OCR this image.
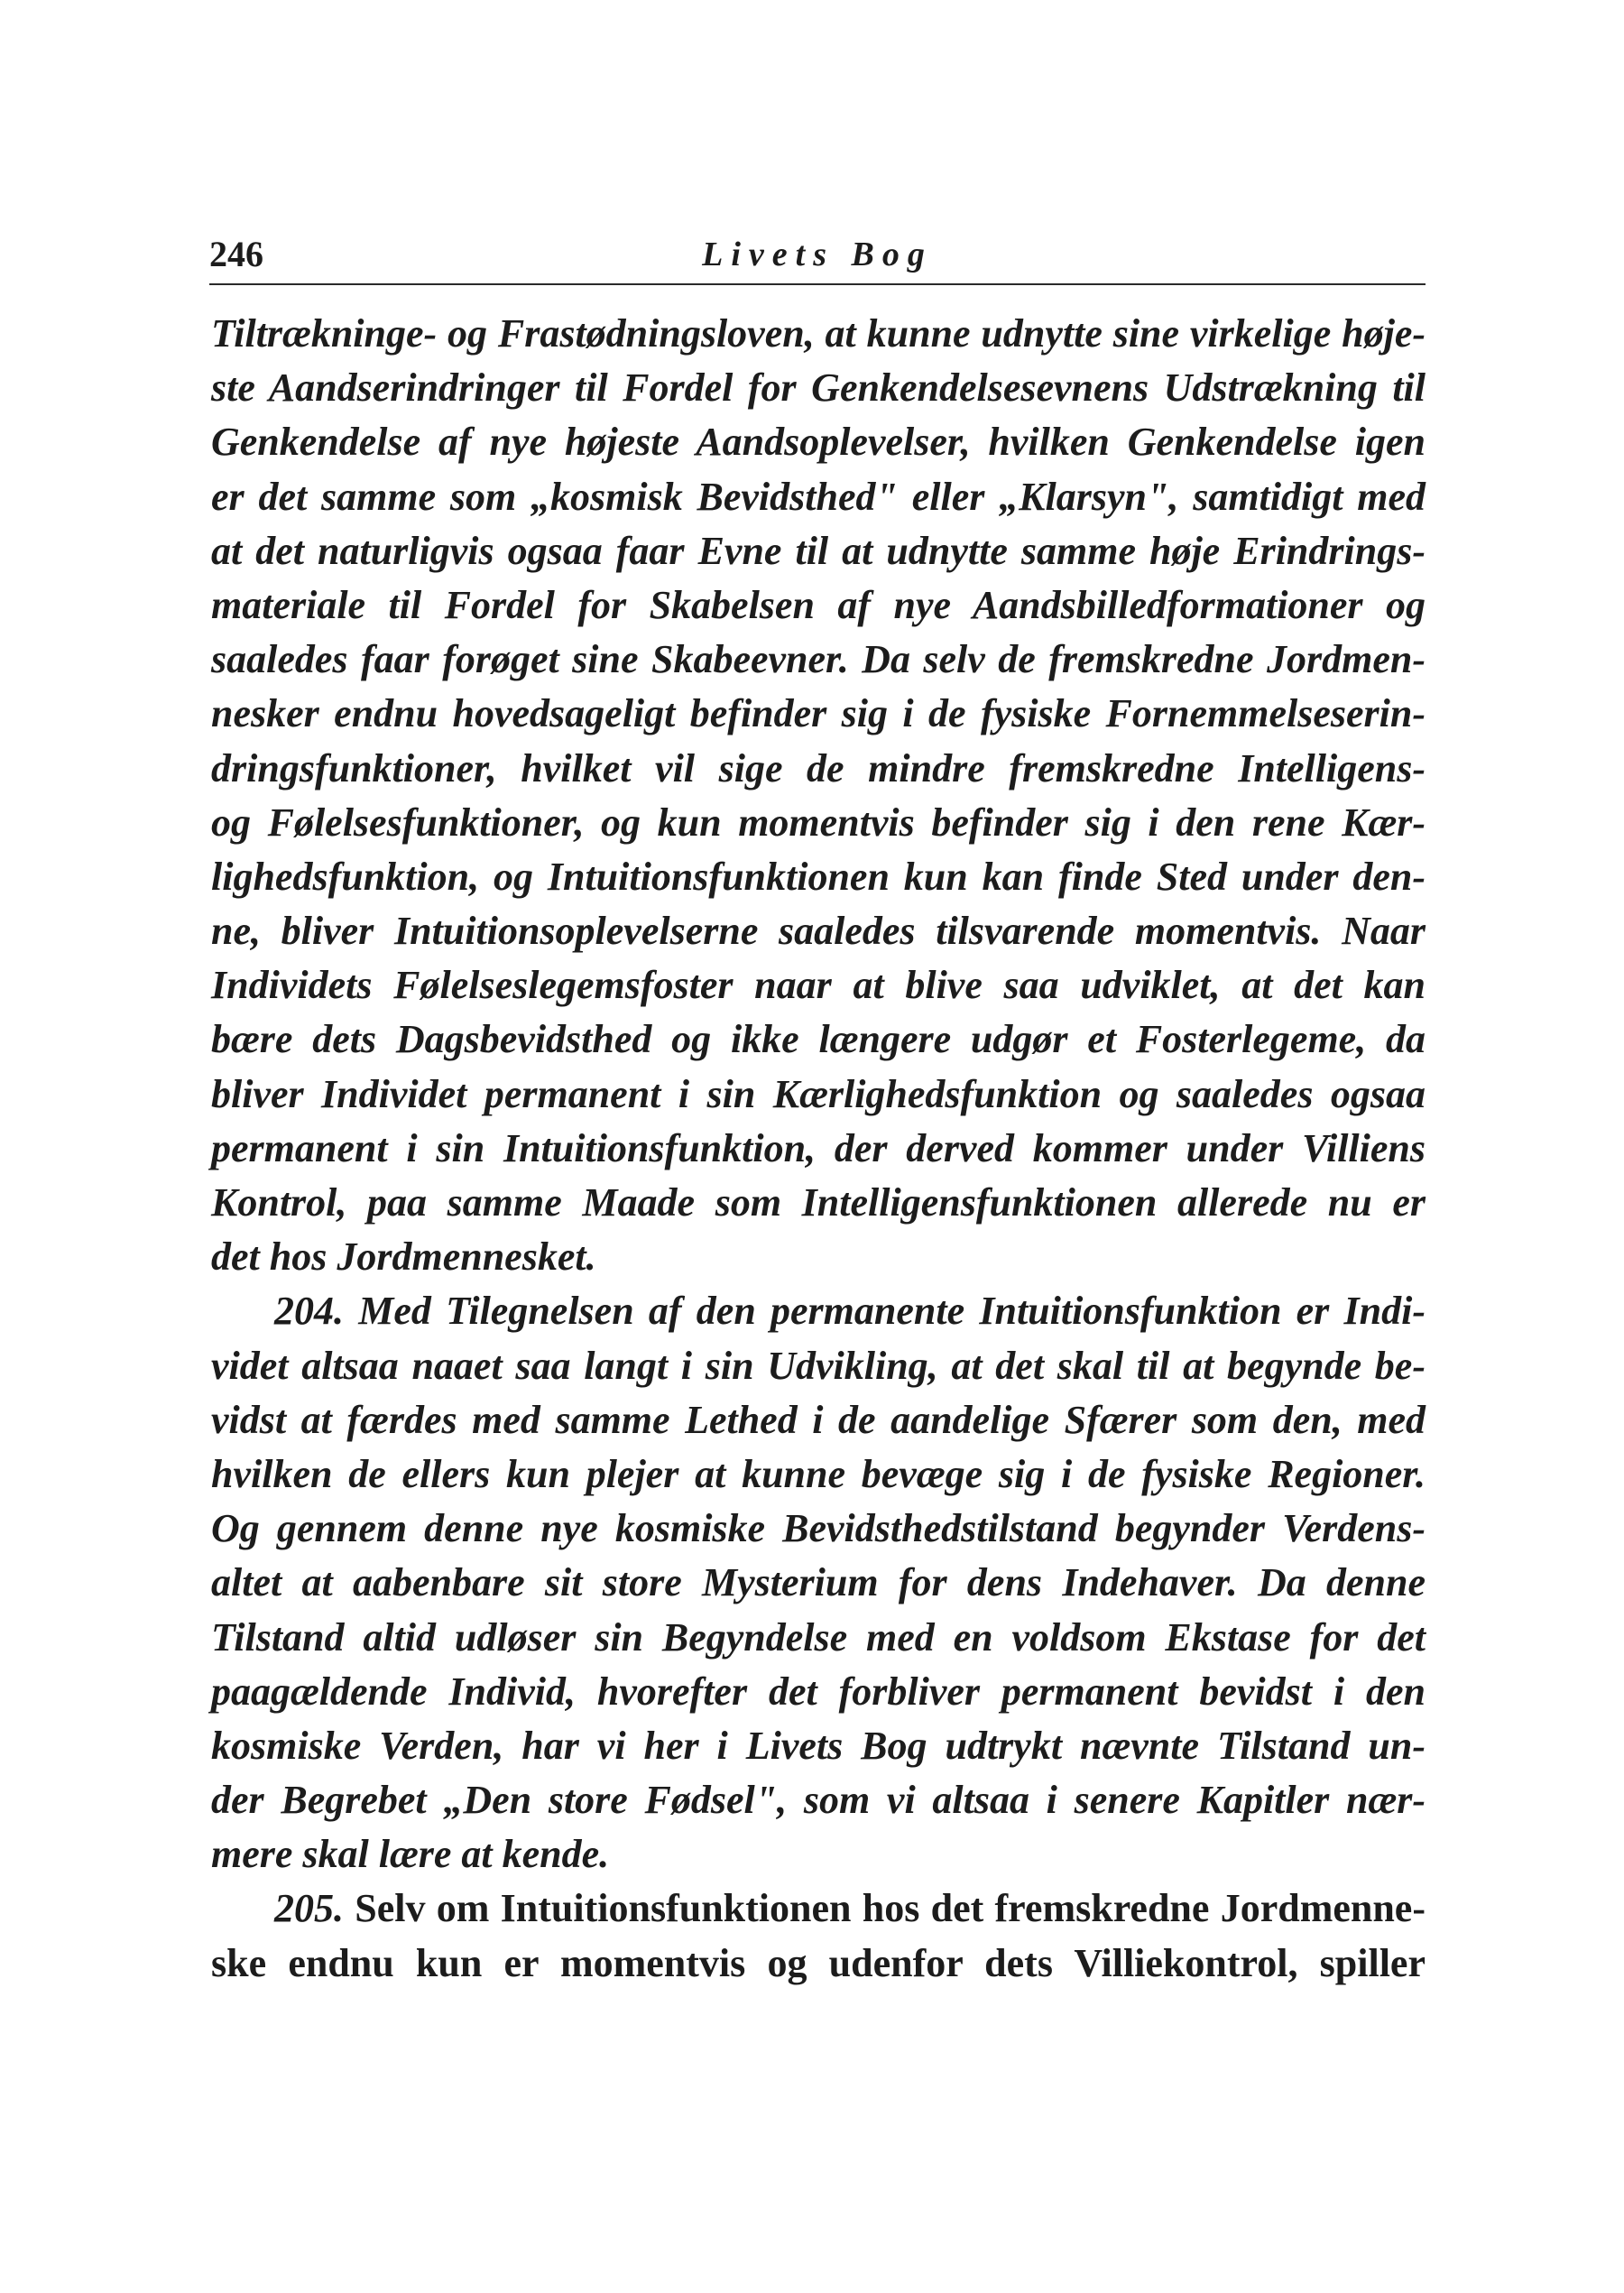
246	Livets Bog
Tiltrækninge- og Frastødningsloven, at kunne udnytte sine virkelige høje-
ste Aandserindringer til Fordel for Genkendelsesevnens Udstrækning til
Genkendelse af nye højeste Aandsoplevelser, hvilken Genkendelse igen
er det samme som „kosmisk Bevidsthed" eller „Klarsyn", samtidigt med
at det naturligvis ogsaa faar Evne til at udnytte samme høje Erindrings-
materiale til Fordel for Skabelsen af nye Aandsbilledformationer og
saaledes faar forøget sine Skabeevner. Da selv de fremskredne Jordmen-
nesker endnu hovedsageligt befinder sig i de fysiske Fornemmelseserin-
dringsfunktioner, hvilket vil sige de mindre fremskredne Intelligens-
og Følelsesfunktioner, og kun momentvis befinder sig i den rene Kær-
lighedsfunktion, og Intuitionsfunktionen kun kan finde Sted under den-
ne, bliver Intuitionsoplevelserne saaledes tilsvarende momentvis. Naar
Individets Følelseslegemsfoster naar at blive saa udviklet, at det kan
bære dets Dagsbevidsthed og ikke længere udgør et Fosterlegeme, da
bliver Individet permanent i sin Kærlighedsfunktion og saaledes ogsaa
permanent i sin Intuitionsfunktion, der derved kommer under Villiens
Kontrol, paa samme Maade som Intelligensfunktionen allerede nu er
det hos Jordmennesket.
204. Med Tilegnelsen af den permanente Intuitionsfunktion er Indi-
videt altsaa naaet saa langt i sin Udvikling, at det skal til at begynde be-
vidst at færdes med samme Lethed i de aandelige Sfærer som den, med
hvilken de ellers kun plejer at kunne bevæge sig i de fysiske Regioner.
Og gennem denne nye kosmiske Bevidsthedstilstand begynder Verdens-
altet at aabenbare sit store Mysterium for dens Indehaver. Da denne
Tilstand altid udløser sin Begyndelse med en voldsom Ekstase for det
paagældende Individ, hvorefter det forbliver permanent bevidst i den
kosmiske Verden, har vi her i Livets Bog udtrykt nævnte Tilstand un-
der Begrebet „Den store Fødsel", som vi altsaa i senere Kapitler nær-
mere skal lære at kende.
205. Selv om Intuitionsfunktionen hos det fremskredne Jordmenne-
ske endnu kun er momentvis og udenfor dets Villiekontrol, spiller
